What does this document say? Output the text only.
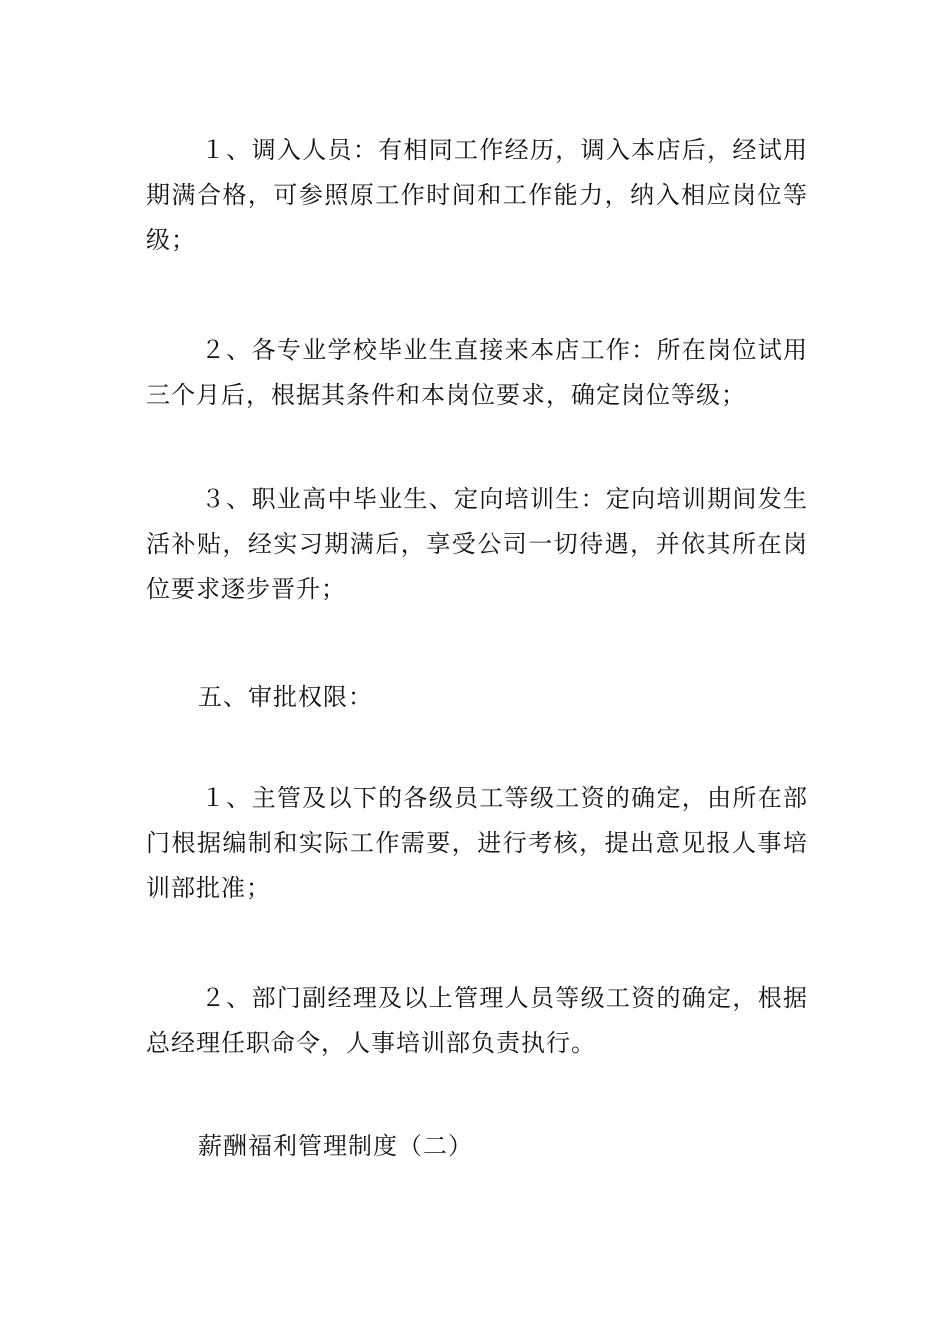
１、调入人员：有相同工作经历，调入本店后，经试用期满合格，可参照原工作时间和工作能力，纳入相应岗位等级；

２、各专业学校毕业生直接来本店工作：所在岗位试用三个月后，根据其条件和本岗位要求，确定岗位等级；

３、职业高中毕业生、定向培训生：定向培训期间发生活补贴，经实习期满后，享受公司一切待遇，并依其所在岗位要求逐步晋升；

五、审批权限：

１、主管及以下的各级员工等级工资的确定，由所在部门根据编制和实际工作需要，进行考核，提出意见报人事培训部批准；

２、部门副经理及以上管理人员等级工资的确定，根据总经理任职命令，人事培训部负责执行。

薪酬福利管理制度（二）
